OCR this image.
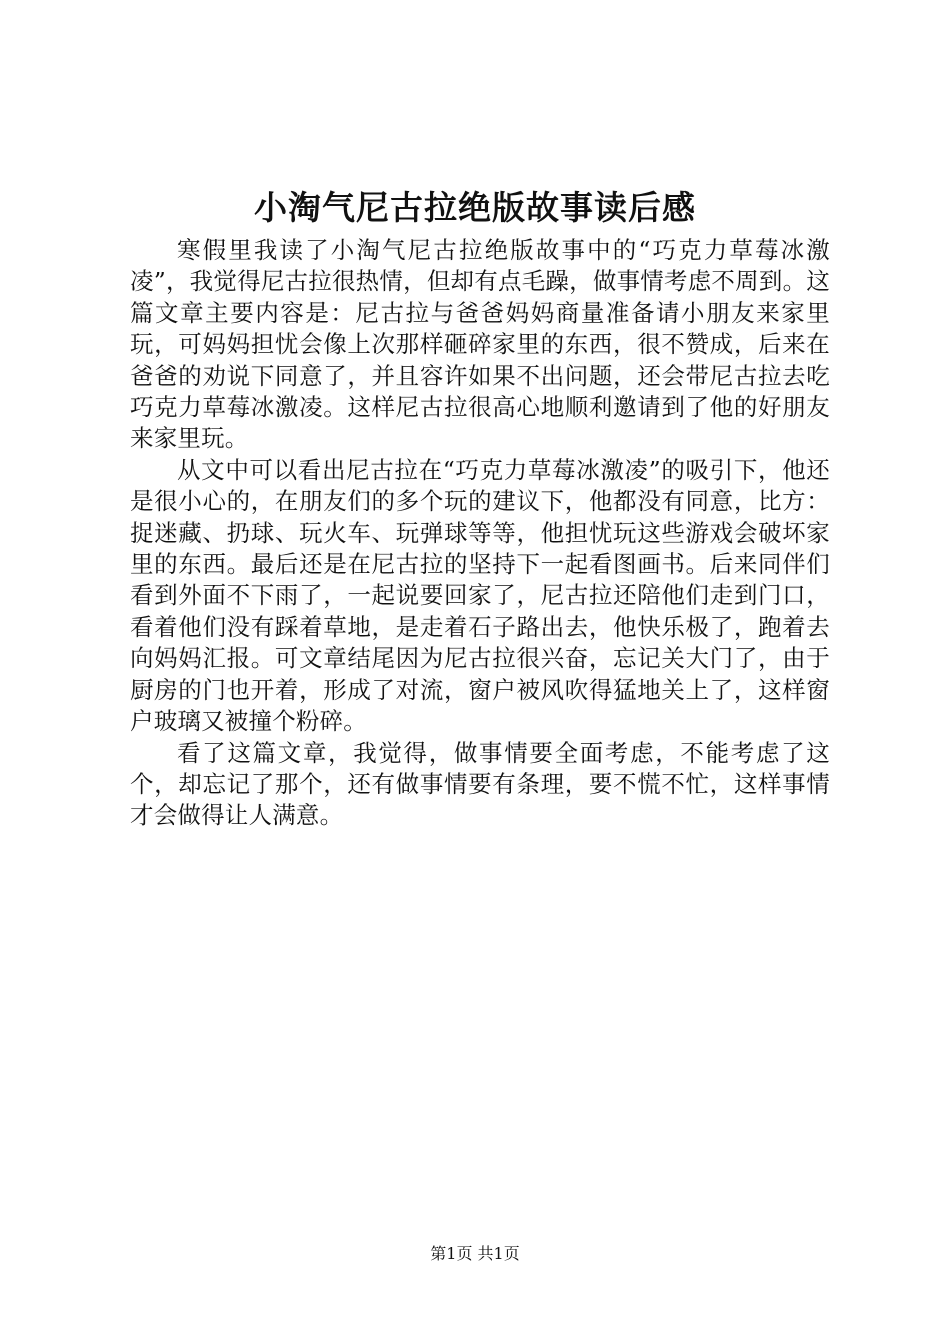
小淘气尼古拉绝版故事读后感

寒假里我读了小淘气尼古拉绝版故事中的“巧克力草莓冰激凌”，我觉得尼古拉很热情，但却有点毛躁，做事情考虑不周到。这篇文章主要内容是：尼古拉与爸爸妈妈商量准备请小朋友来家里玩，可妈妈担忧会像上次那样砸碎家里的东西，很不赞成，后来在爸爸的劝说下同意了，并且容许如果不出问题，还会带尼古拉去吃巧克力草莓冰激凌。这样尼古拉很高心地顺利邀请到了他的好朋友来家里玩。

从文中可以看出尼古拉在“巧克力草莓冰激凌”的吸引下，他还是很小心的，在朋友们的多个玩的建议下，他都没有同意，比方：捉迷藏、扔球、玩火车、玩弹球等等，他担忧玩这些游戏会破坏家里的东西。最后还是在尼古拉的坚持下一起看图画书。后来同伴们看到外面不下雨了，一起说要回家了，尼古拉还陪他们走到门口，看着他们没有踩着草地，是走着石子路出去，他快乐极了，跑着去向妈妈汇报。可文章结尾因为尼古拉很兴奋，忘记关大门了，由于厨房的门也开着，形成了对流，窗户被风吹得猛地关上了，这样窗户玻璃又被撞个粉碎。

看了这篇文章，我觉得，做事情要全面考虑，不能考虑了这个，却忘记了那个，还有做事情要有条理，要不慌不忙，这样事情才会做得让人满意。

第1页 共1页
